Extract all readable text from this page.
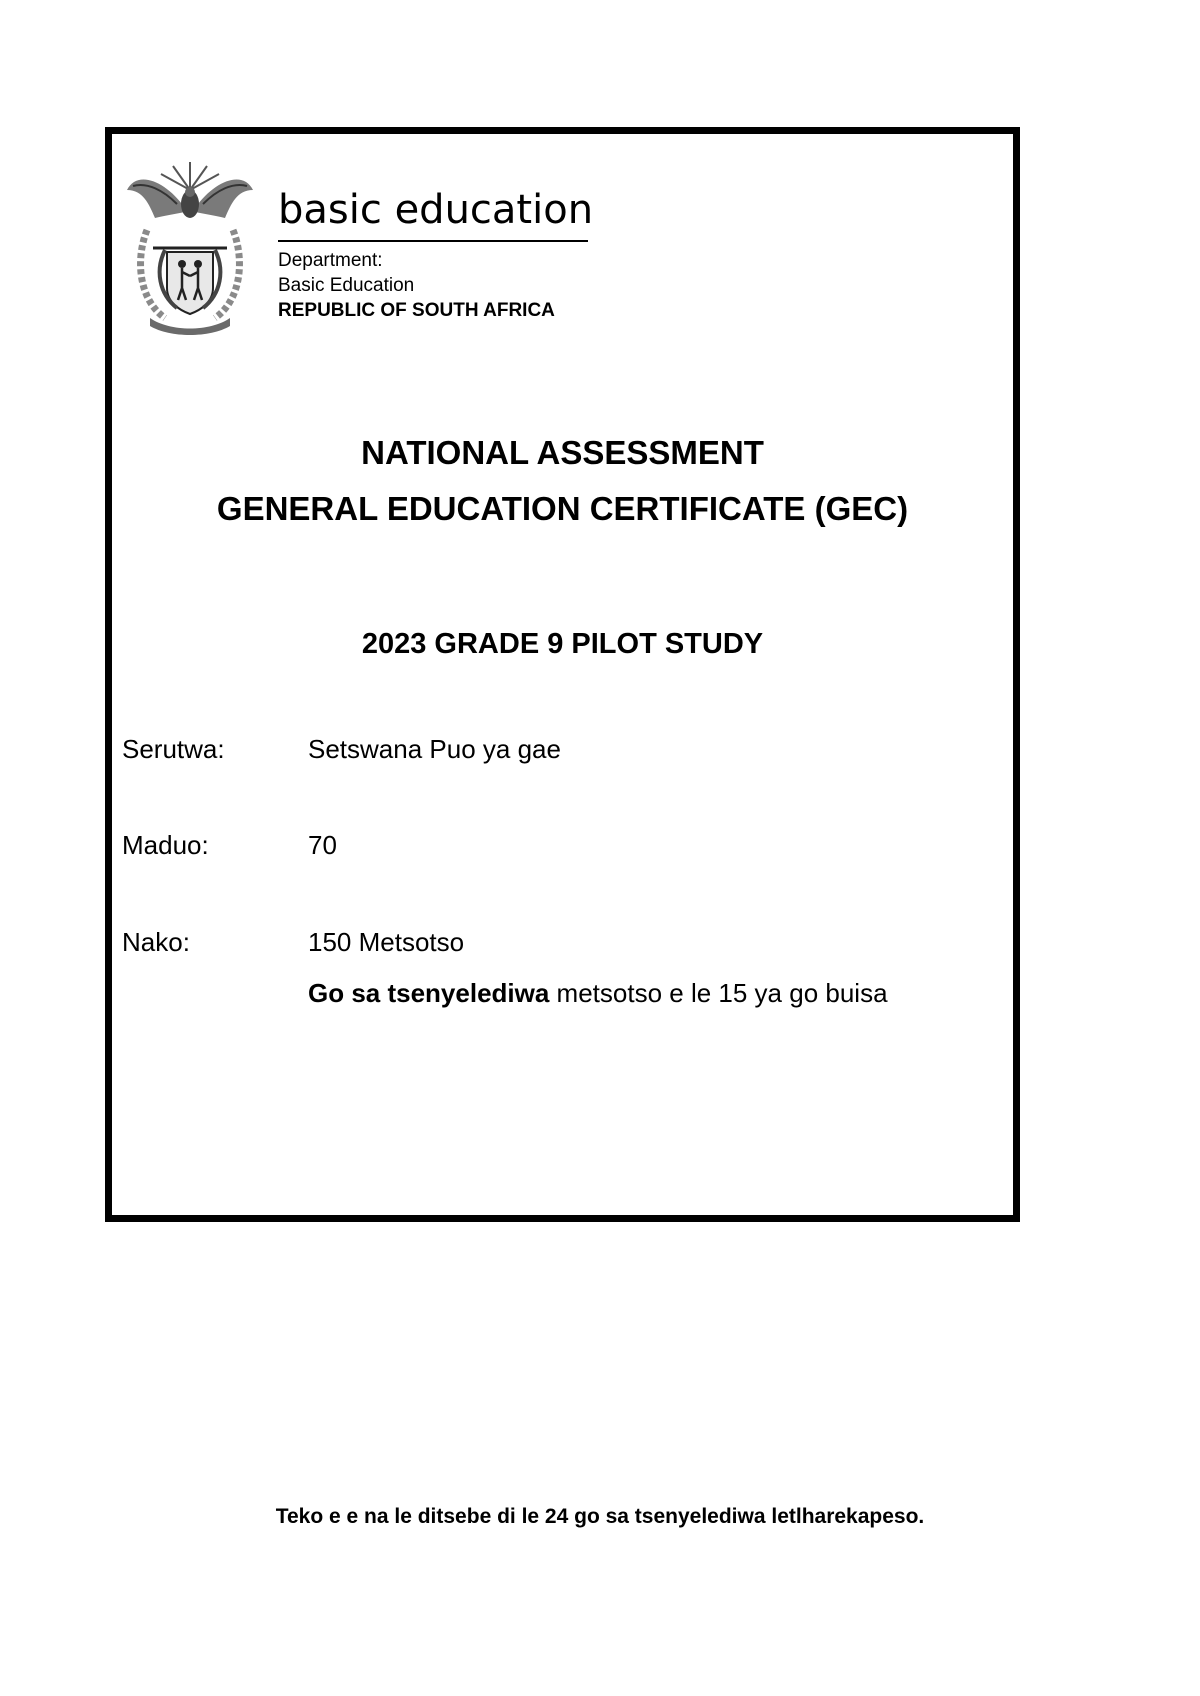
basic education
Department:
Basic Education
REPUBLIC OF SOUTH AFRICA
NATIONAL ASSESSMENT
GENERAL EDUCATION CERTIFICATE (GEC)
2023 GRADE 9 PILOT STUDY
Serutwa:	Setswana Puo ya gae
Maduo:	70
Nako:	150 Metsotso
Go sa tsenyelediwa metsotso e le 15 ya go buisa
Teko e e na le ditsebe di le 24 go sa tsenyelediwa letlharekapeso.
